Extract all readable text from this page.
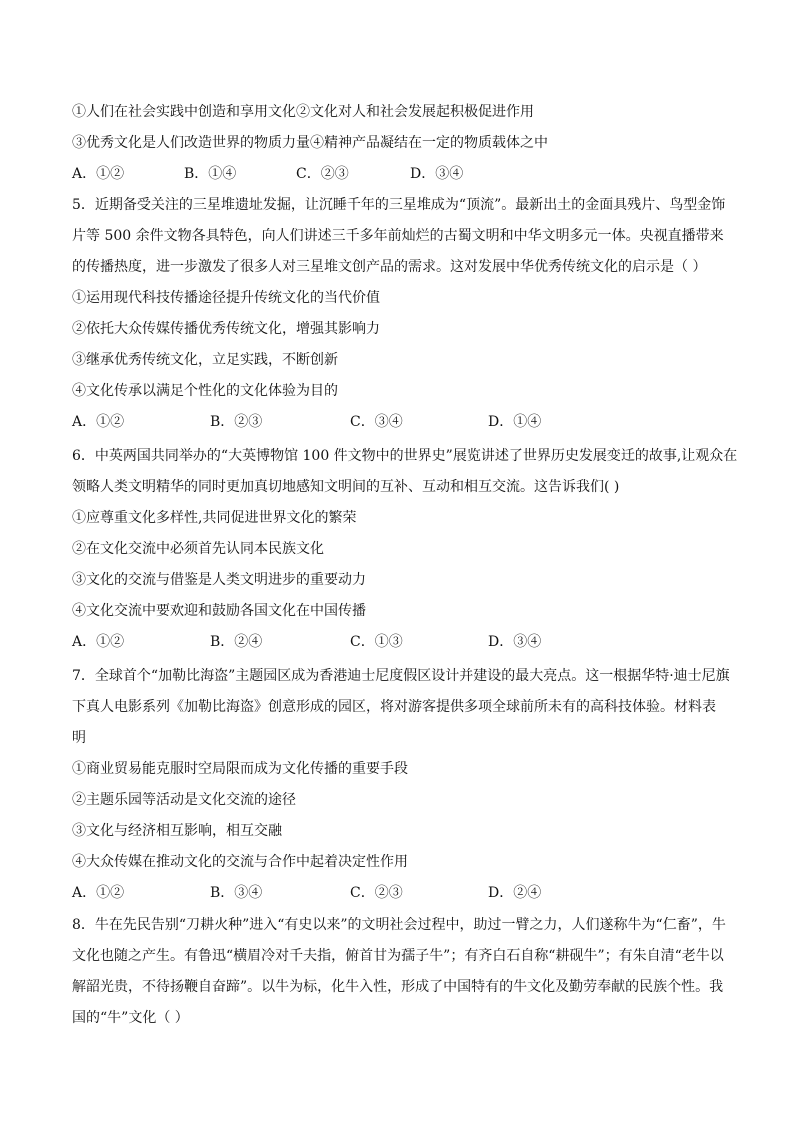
①人们在社会实践中创造和享用文化②文化对人和社会发展起积极促进作用
③优秀文化是人们改造世界的物质力量④精神产品凝结在一定的物质载体之中
A．①②	B．①④	C．②③	D．③④
5．近期备受关注的三星堆遗址发掘，让沉睡千年的三星堆成为“顶流”。最新出土的金面具残片、鸟型金饰
片等 500 余件文物各具特色，向人们讲述三千多年前灿烂的古蜀文明和中华文明多元一体。央视直播带来
的传播热度，进一步激发了很多人对三星堆文创产品的需求。这对发展中华优秀传统文化的启示是（ ）
①运用现代科技传播途径提升传统文化的当代价值
②依托大众传媒传播优秀传统文化，增强其影响力
③继承优秀传统文化，立足实践，不断创新
④文化传承以满足个性化的文化体验为目的
A．①②	B．②③	C．③④	D．①④
6．中英两国共同举办的“大英博物馆 100 件文物中的世界史”展览讲述了世界历史发展变迁的故事,让观众在
领略人类文明精华的同时更加真切地感知文明间的互补、互动和相互交流。这告诉我们( )
①应尊重文化多样性,共同促进世界文化的繁荣
②在文化交流中必须首先认同本民族文化
③文化的交流与借鉴是人类文明进步的重要动力
④文化交流中要欢迎和鼓励各国文化在中国传播
A．①②	B．②④	C．①③	D．③④
7．全球首个“加勒比海盗”主题园区成为香港迪士尼度假区设计并建设的最大亮点。这一根据华特·迪士尼旗
下真人电影系列《加勒比海盗》创意形成的园区，将对游客提供多项全球前所未有的高科技体验。材料表
明
①商业贸易能克服时空局限而成为文化传播的重要手段
②主题乐园等活动是文化交流的途径
③文化与经济相互影响，相互交融
④大众传媒在推动文化的交流与合作中起着决定性作用
A．①②	B．③④	C．②③	D．②④
8．牛在先民告别“刀耕火种”进入“有史以来”的文明社会过程中，助过一臂之力，人们遂称牛为“仁畜”，牛
文化也随之产生。有鲁迅“横眉冷对千夫指，俯首甘为孺子牛”；有齐白石自称“耕砚牛”；有朱自清“老牛以
解韶光贵，不待扬鞭自奋蹄”。以牛为标，化牛入性，形成了中国特有的牛文化及勤劳奉献的民族个性。我
国的“牛”文化（ ）
